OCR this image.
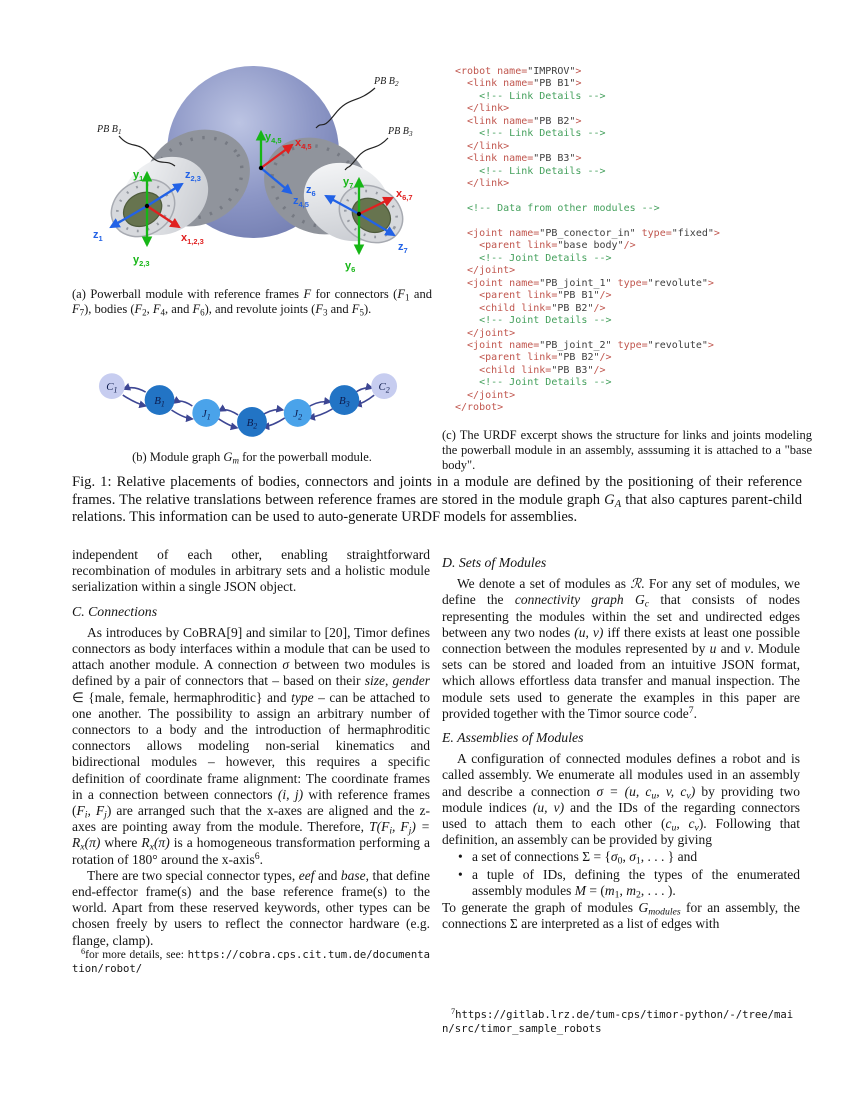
$y_{4,5}$ $x_{4,5}$
$z_{4,5}$
$y_1$	$z_{2,3}$
$z_1$	$x_{1,2,3}$
$y_{2,3}$
$y_7$
$z_6$	$x_{6,7}$
$z_7$
$y_6$
PB $B_1$
PB $B_2$
PB $B_3$
(a) Powerball module with reference frames F for connectors ($F_1$ and $F_7$), bodies ($F_2$, $F_4$, and $F_6$), and revolute joints ($F_3$ and $F_5$).
$C_1$
$B_1$
$J_1$	$B_2$
$J_2$
$B_3$
$C_2$
(b) Module graph $G_m$ for the powerball module.
<robot name="IMPROV">
<link name="PB B1">
<!-- Link Details -->
</link>
<link name="PB B2">
<!-- Link Details -->
</link>
<link name="PB B3">
<!-- Link Details -->
</link>

<!-- Data from other modules -->

<joint name="PB_conector_in" type="fixed">
<parent link="base body"/>
<!-- Joint Details -->
</joint>
<joint name="PB_joint_1" type="revolute">
<parent link="PB B1"/>
<child link="PB B2"/>
<!-- Joint Details -->
</joint>
<joint name="PB_joint_2" type="revolute">
<parent link="PB B2"/>
<child link="PB B3"/>
<!-- Joint Details -->
</joint>
</robot>
(c) The URDF excerpt shows the structure for links and joints modeling the powerball module in an assembly, asssuming it is attached to a "base body".
Fig. 1: Relative placements of bodies, connectors and joints in a module are defined by the positioning of their reference frames. The relative translations between reference frames are stored in the module graph $G_A$ that also captures parent-child relations. This information can be used to auto-generate URDF models for assemblies.
independent of each other, enabling straightforward recombination of modules in arbitrary sets and a holistic module serialization within a single JSON object.
C. Connections
As introduces by CoBRA[9] and similar to [20], Timor defines connectors as body interfaces within a module that can be used to attach another module. A connection σ between two modules is defined by a pair of connectors that – based on their size, gender ∈ {male, female, hermaphroditic} and type – can be attached to one another. The possibility to assign an arbitrary number of connectors to a body and the introduction of hermaphroditic connectors allows modeling non-serial kinematics and bidirectional modules – however, this requires a specific definition of coordinate frame alignment: The coordinate frames in a connection between connectors (i, j) with reference frames ($F_i$, $F_j$) are arranged such that the x-axes are aligned and the z-axes are pointing away from the module. Therefore, $T(F_i$, $F_j) = R_x(\pi)$ where $R_x(\pi)$ is a homogeneous transformation performing a rotation of 180° around the x-axis$^6$.
There are two special connector types, eef and base, that define end-effector frame(s) and the base reference frame(s) to the world. Apart from these reserved keywords, other types can be chosen freely by users to reflect the connector hardware (e.g. flange, clamp).
D. Sets of Modules
We denote a set of modules as ℛ. For any set of modules, we define the connectivity graph $G_c$ that consists of nodes representing the modules within the set and undirected edges between any two nodes (u, v) iff there exists at least one possible connection between the modules represented by u and v. Module sets can be stored and loaded from an intuitive JSON format, which allows effortless data transfer and manual inspection. The module sets used to generate the examples in this paper are provided together with the Timor source code$^7$.
E. Assemblies of Modules
A configuration of connected modules defines a robot and is called assembly. We enumerate all modules used in an assembly and describe a connection σ = (u, $c_u$, v, $c_v$) by providing two module indices (u, v) and the IDs of the regarding connectors used to attach them to each other ($c_u$, $c_v$). Following that definition, an assembly can be provided by giving
• a set of connections $\Sigma = \{\sigma_0$, $\sigma_1$, . . . } and
• a tuple of IDs, defining the types of the enumerated assembly modules $M = (m_1$, $m_2$, . . . ).
To generate the graph of modules $G_{modules}$ for an assembly, the connections Σ are interpreted as a list of edges with
$^6$for more details, see: https://cobra.cps.cit.tum.de/documentation/robot/
$^7$https://gitlab.lrz.de/tum-cps/timor-python/-/tree/main/src/timor_sample_robots
